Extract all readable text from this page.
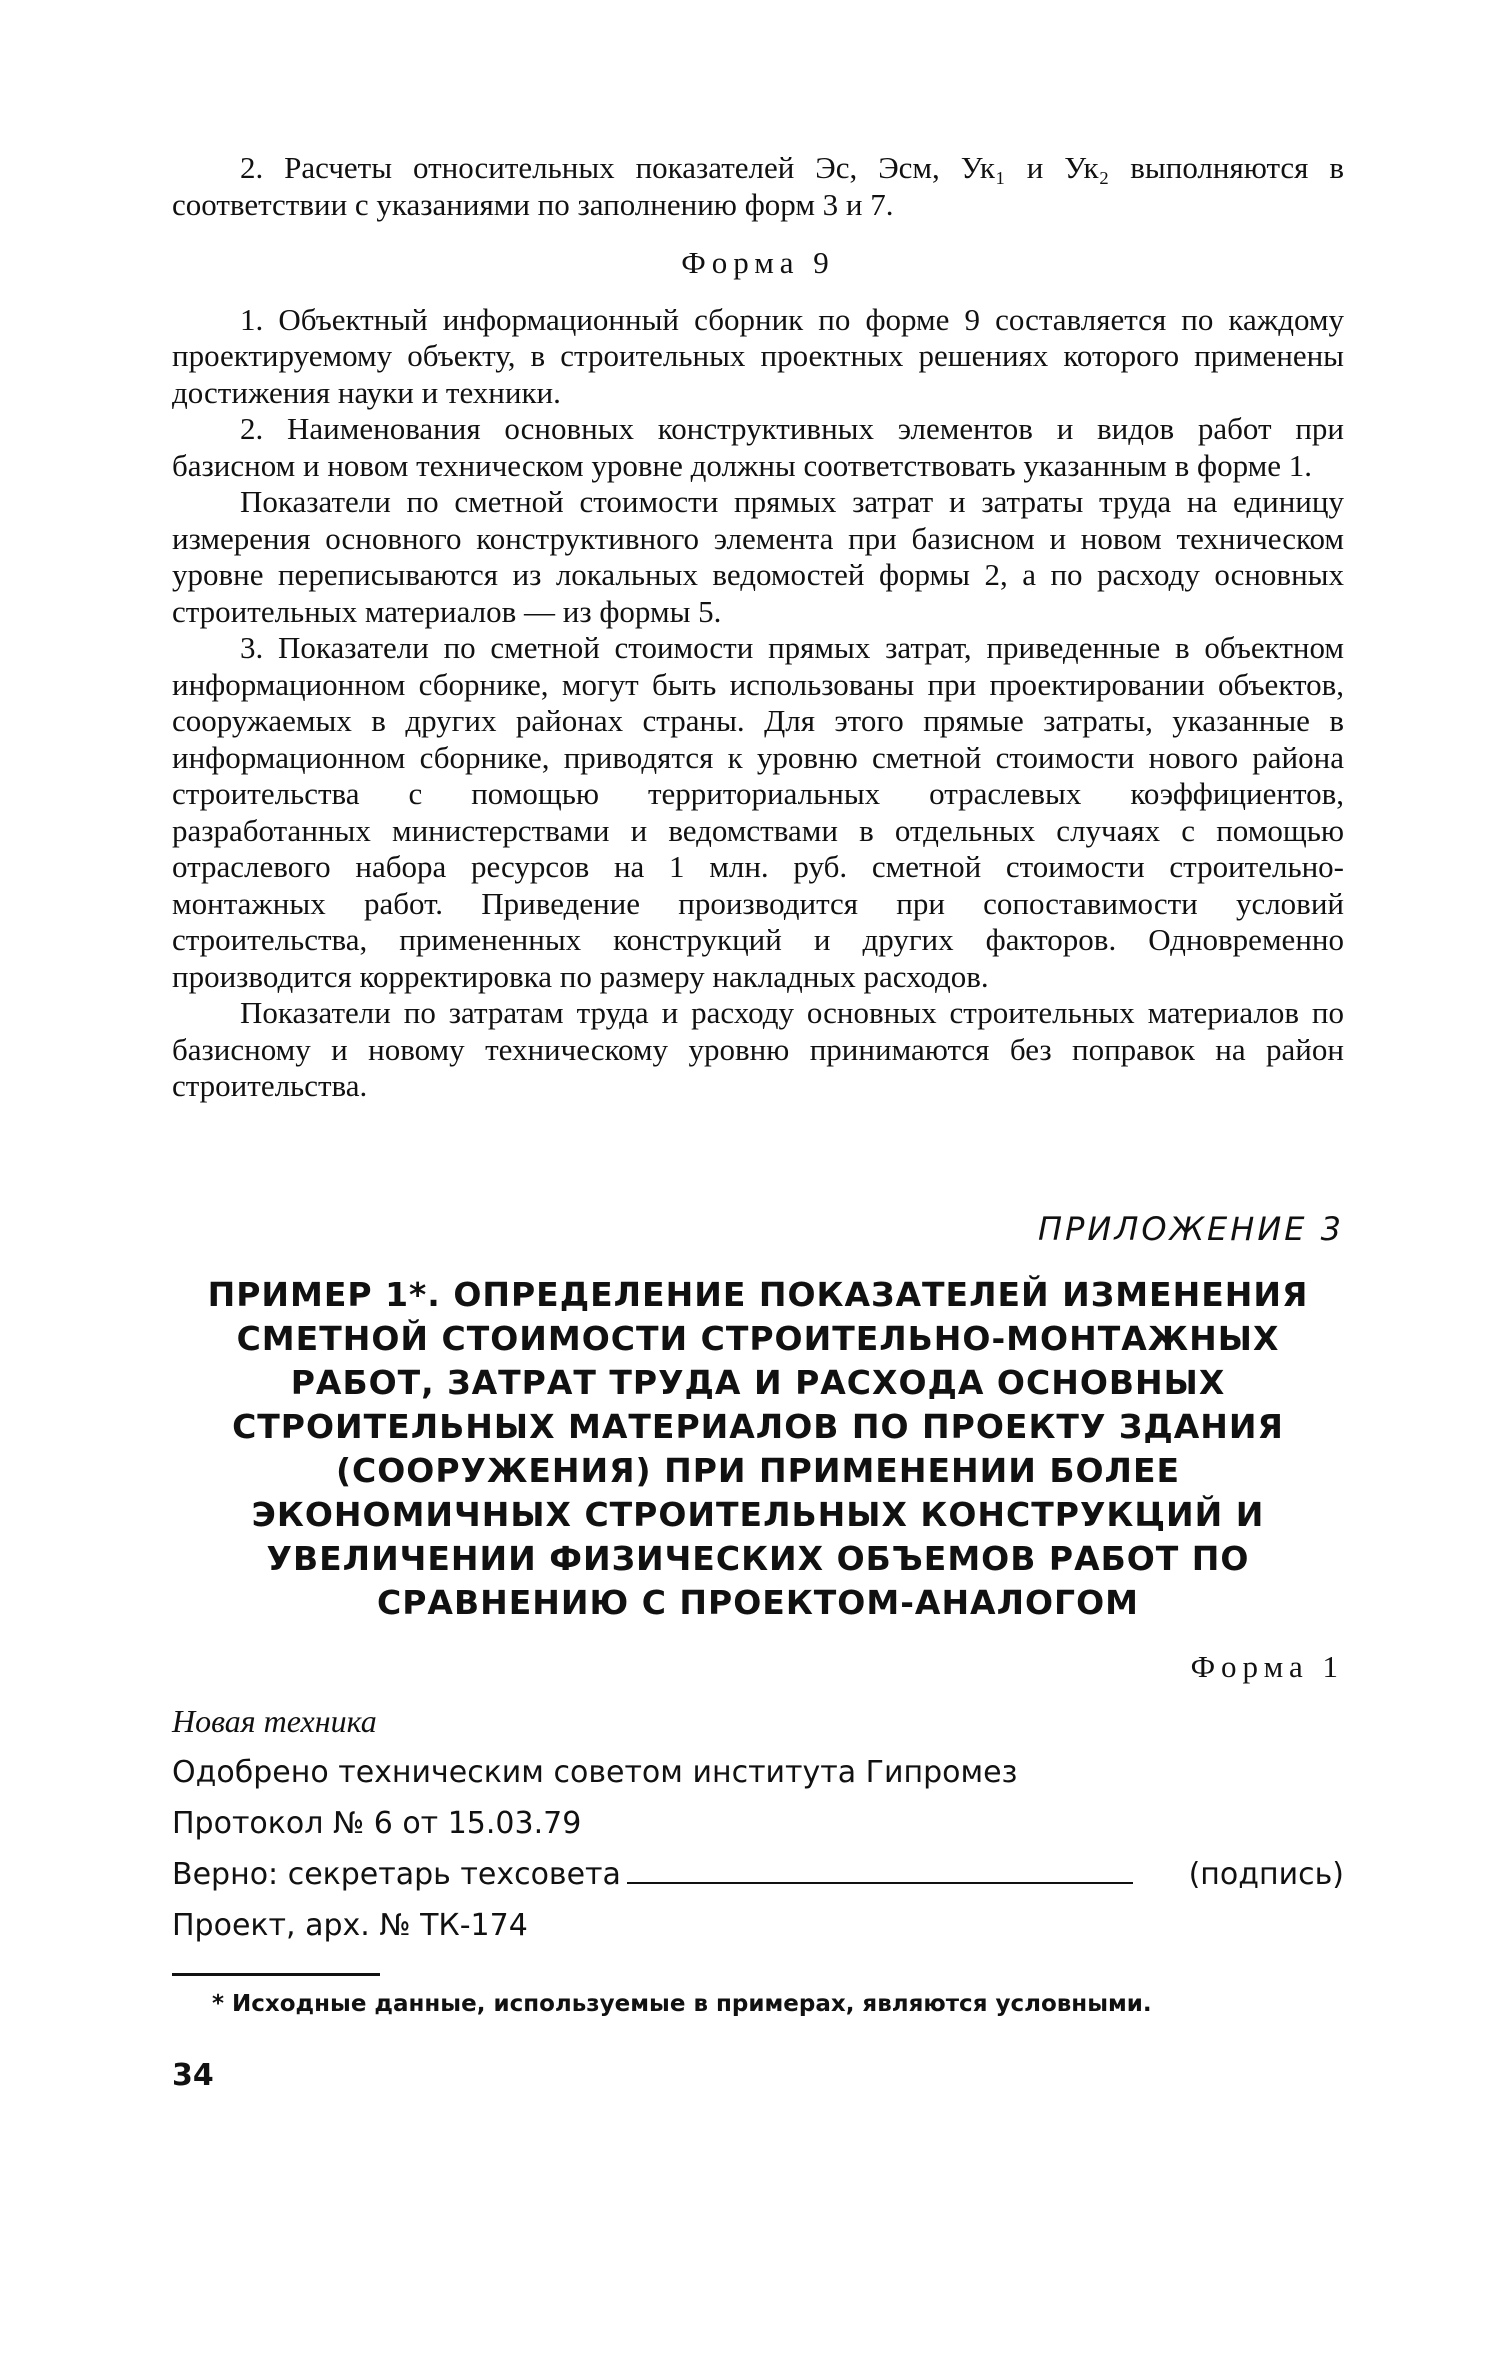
2. Расчеты относительных показателей Эс, Эсм, Ук₁ и Ук₂ выполняются в соответствии с указаниями по заполнению форм 3 и 7.

Форма 9

1. Объектный информационный сборник по форме 9 составляется по каждому проектируемому объекту, в строительных проектных решениях которого применены достижения науки и техники.

2. Наименования основных конструктивных элементов и видов работ при базисном и новом техническом уровне должны соответствовать указанным в форме 1.

Показатели по сметной стоимости прямых затрат и затраты труда на единицу измерения основного конструктивного элемента при базисном и новом техническом уровне переписываются из локальных ведомостей формы 2, а по расходу основных строительных материалов — из формы 5.

3. Показатели по сметной стоимости прямых затрат, приведенные в объектном информационном сборнике, могут быть использованы при проектировании объектов, сооружаемых в других районах страны. Для этого прямые затраты, указанные в информационном сборнике, приводятся к уровню сметной стоимости нового района строительства с помощью территориальных отраслевых коэффициентов, разработанных министерствами и ведомствами в отдельных случаях с помощью отраслевого набора ресурсов на 1 млн. руб. сметной стоимости строительно-монтажных работ. Приведение производится при сопоставимости условий строительства, примененных конструкций и других факторов. Одновременно производится корректировка по размеру накладных расходов.

Показатели по затратам труда и расходу основных строительных материалов по базисному и новому техническому уровню принимаются без поправок на район строительства.

ПРИЛОЖЕНИЕ 3

ПРИМЕР 1*. ОПРЕДЕЛЕНИЕ ПОКАЗАТЕЛЕЙ ИЗМЕНЕНИЯ СМЕТНОЙ СТОИМОСТИ СТРОИТЕЛЬНО-МОНТАЖНЫХ РАБОТ, ЗАТРАТ ТРУДА И РАСХОДА ОСНОВНЫХ СТРОИТЕЛЬНЫХ МАТЕРИАЛОВ ПО ПРОЕКТУ ЗДАНИЯ (СООРУЖЕНИЯ) ПРИ ПРИМЕНЕНИИ БОЛЕЕ ЭКОНОМИЧНЫХ СТРОИТЕЛЬНЫХ КОНСТРУКЦИЙ И УВЕЛИЧЕНИИ ФИЗИЧЕСКИХ ОБЪЕМОВ РАБОТ ПО СРАВНЕНИЮ С ПРОЕКТОМ-АНАЛОГОМ

Форма 1

Новая техника
Одобрено техническим советом института Гипромез
Протокол № 6 от 15.03.79
Верно: секретарь техсовета	(подпись)
Проект, арх. № ТК-174

* Исходные данные, используемые в примерах, являются условными.

34
